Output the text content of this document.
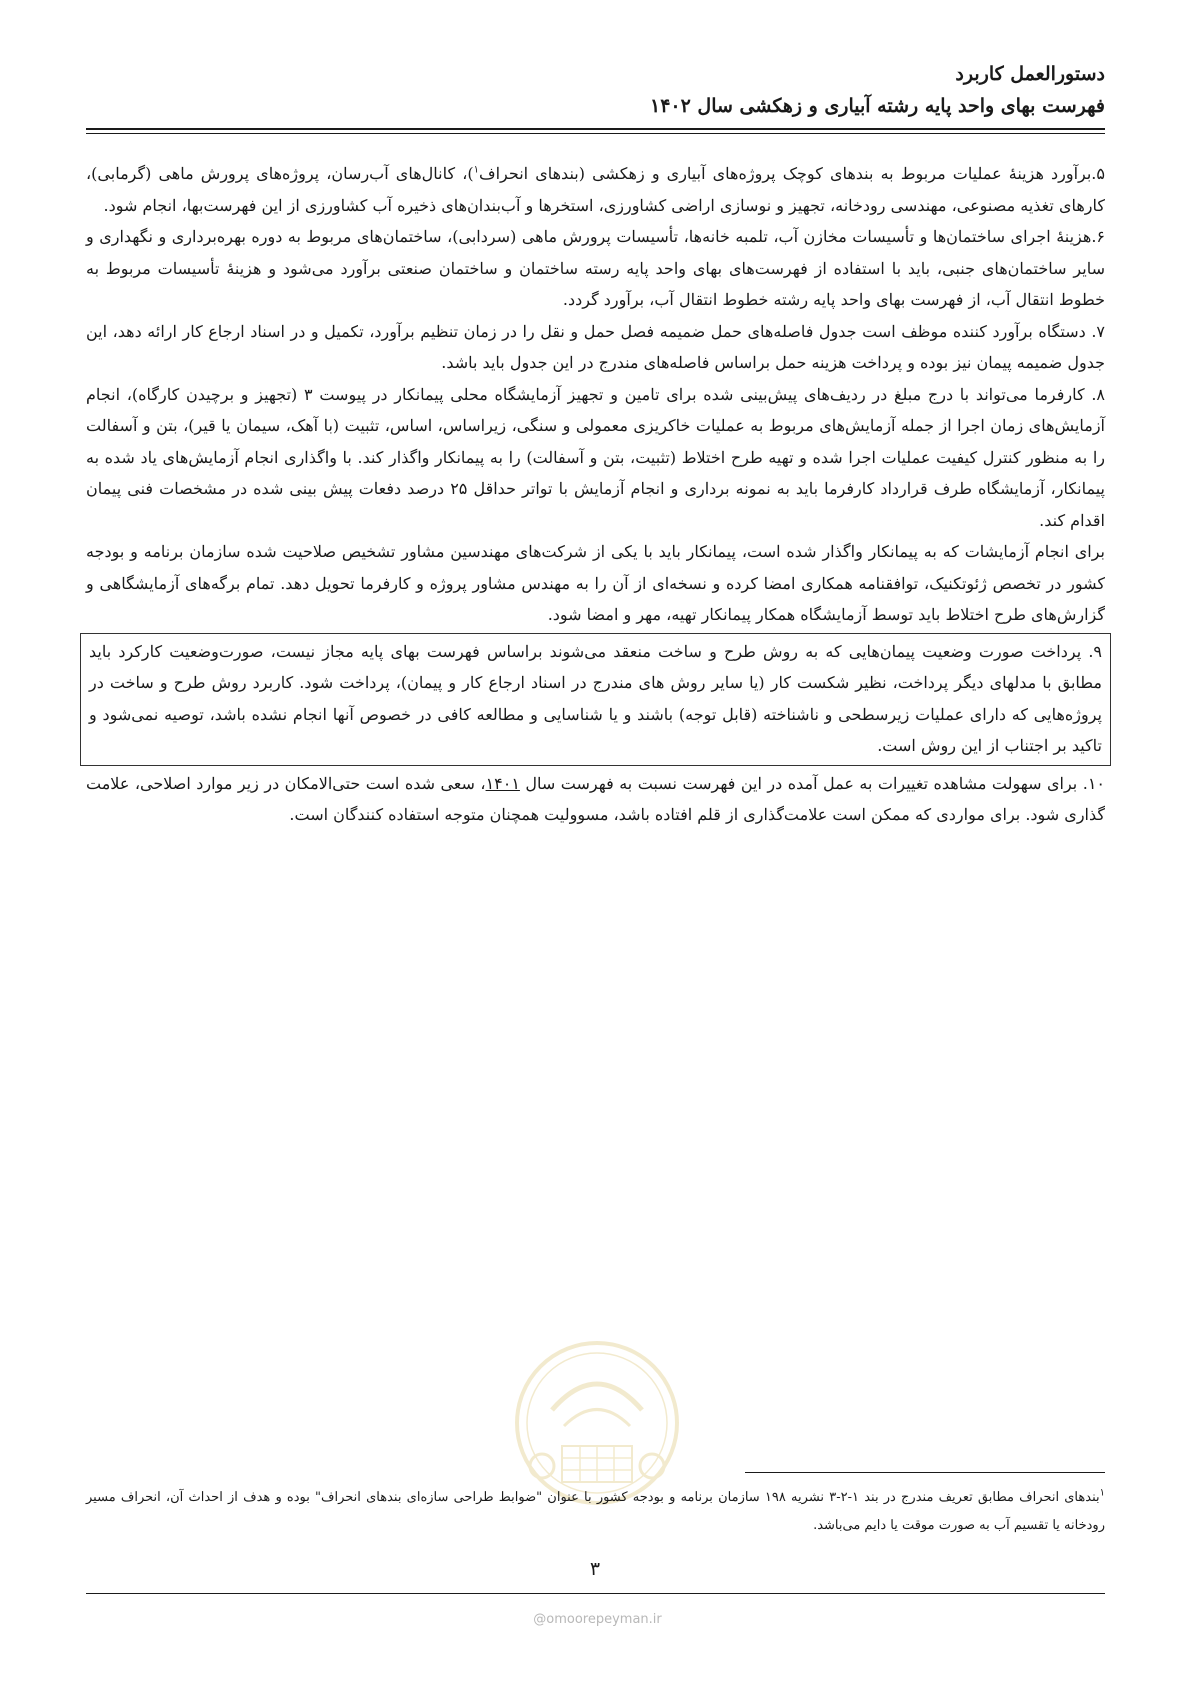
دستورالعمل کاربرد
فهرست بهای واحد پایه رشته آبیاری و زهکشی سال ۱۴۰۲

۵.برآورد هزینهٔ عملیات مربوط به بندهای کوچک پروژه‌های آبیاری و زهکشی (بندهای انحراف$^۱$)، کانال‌های آب‌رسان، پروژه‌های پرورش ماهی (گرمابی)، کارهای تغذیه مصنوعی، مهندسی رودخانه، تجهیز و نوسازی اراضی کشاورزی، استخرها و آب‌بندان‌های ذخیره آب کشاورزی از این فهرست‌بها، انجام شود.

۶.هزینهٔ اجرای ساختمان‌ها و تأسیسات مخازن آب، تلمبه خانه‌ها، تأسیسات پرورش ماهی (سردابی)، ساختمان‌های مربوط به دوره بهره‌برداری و نگهداری و سایر ساختمان‌های جنبی، باید با استفاده از فهرست‌های بهای واحد پایه رسته ساختمان و ساختمان صنعتی برآورد می‌شود و هزینهٔ تأسیسات مربوط به خطوط انتقال آب، از فهرست بهای واحد پایه رشته خطوط انتقال آب، برآورد گردد.

۷. دستگاه برآورد کننده موظف است جدول فاصله‌های حمل ضمیمه فصل حمل و نقل را در زمان تنظیم برآورد، تکمیل و در اسناد ارجاع کار ارائه دهد، این جدول ضمیمه پیمان نیز بوده و پرداخت هزینه حمل براساس فاصله‌های مندرج در این جدول باید باشد.

۸. کارفرما می‌تواند با درج مبلغ در ردیف‌های پیش‌بینی شده برای تامین و تجهیز آزمایشگاه محلی پیمانکار در پیوست ۳ (تجهیز و برچیدن کارگاه)، انجام آزمایش‌های زمان اجرا از جمله آزمایش‌های مربوط به عملیات خاکریزی معمولی و سنگی، زیراساس، اساس، تثبیت (با آهک، سیمان یا قیر)، بتن و آسفالت را به منظور کنترل کیفیت عملیات اجرا شده و تهیه طرح اختلاط (تثبیت، بتن و آسفالت) را به پیمانکار واگذار کند. با واگذاری انجام آزمایش‌های یاد شده به پیمانکار، آزمایشگاه طرف قرارداد کارفرما باید به نمونه برداری و انجام آزمایش با تواتر حداقل ۲۵ درصد دفعات پیش بینی شده در مشخصات فنی پیمان اقدام کند.

برای انجام آزمایشات که به پیمانکار واگذار شده است، پیمانکار باید با یکی از شرکت‌های مهندسین مشاور تشخیص صلاحیت شده سازمان برنامه و بودجه کشور در تخصص ژئوتکنیک، توافقنامه همکاری امضا کرده و نسخه‌ای از آن را به مهندس مشاور پروژه و کارفرما تحویل دهد. تمام برگه‌های آزمایشگاهی و گزارش‌های طرح اختلاط باید توسط آزمایشگاه همکار پیمانکار تهیه، مهر و امضا شود.

۹. پرداخت صورت وضعیت پیمان‌هایی که به روش طرح و ساخت منعقد می‌شوند براساس فهرست بهای پایه مجاز نیست، صورت‌وضعیت کارکرد باید مطابق با مدلهای دیگر پرداخت، نظیر شکست کار (یا سایر روش های مندرج در اسناد ارجاع کار و پیمان)، پرداخت شود. کاربرد روش طرح و ساخت در پروژه‌هایی که دارای عملیات زیرسطحی و ناشناخته (قابل توجه) باشند و یا شناسایی و مطالعه کافی در خصوص آنها انجام نشده باشد، توصیه نمی‌شود و تاکید بر اجتناب از این روش است.

۱۰. برای سهولت مشاهده تغییرات به عمل آمده در این فهرست نسبت به فهرست سال ۱۴۰۱، سعی شده است حتی‌الامکان در زیر موارد اصلاحی، علامت گذاری شود. برای مواردی که ممکن است علامت‌گذاری از قلم افتاده باشد، مسوولیت همچنان متوجه استفاده کنندگان است.

$^۱$بندهای انحراف مطابق تعریف مندرج در بند ۱-۲-۳ نشریه ۱۹۸ سازمان برنامه و بودجه کشور با عنوان "ضوابط طراحی سازه‌ای بندهای انحراف" بوده و هدف از احداث آن، انحراف مسیر رودخانه یا تقسیم آب به صورت موقت یا دایم می‌باشد.

۳
@omoorepeyman.ir
